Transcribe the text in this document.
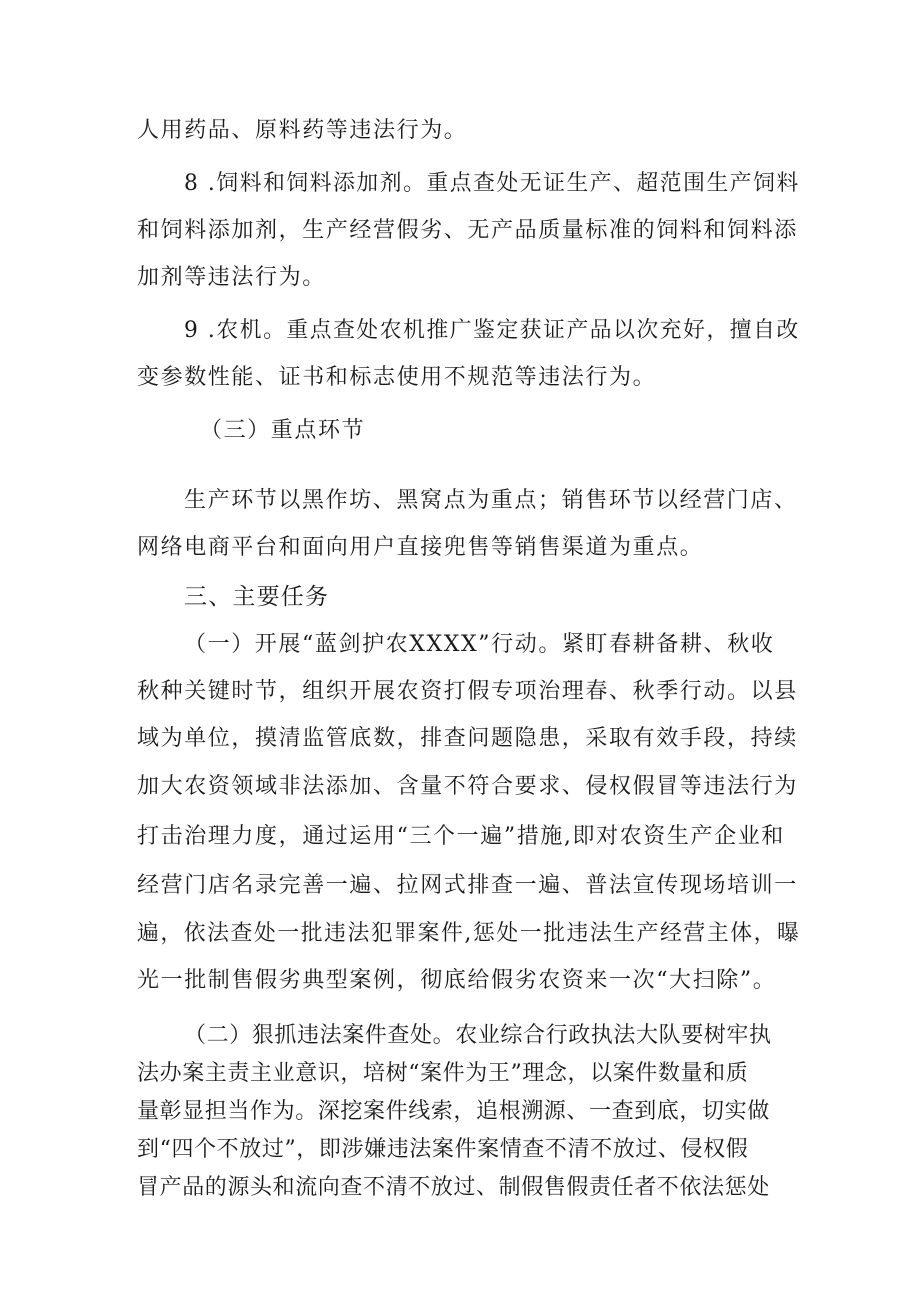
人用药品、原料药等违法行为。
8 .饲料和饲料添加剂。重点查处无证生产、超范围生产饲料
和饲料添加剂，生产经营假劣、无产品质量标准的饲料和饲料添
加剂等违法行为。
9 .农机。重点查处农机推广鉴定获证产品以次充好，擅自改
变参数性能、证书和标志使用不规范等违法行为。
（三）重点环节
生产环节以黑作坊、黑窝点为重点；销售环节以经营门店、
网络电商平台和面向用户直接兜售等销售渠道为重点。
三、主要任务
（一）开展“蓝剑护农XXXX”行动。紧盯春耕备耕、秋收
秋种关键时节，组织开展农资打假专项治理春、秋季行动。以县
域为单位，摸清监管底数，排查问题隐患，采取有效手段，持续
加大农资领域非法添加、含量不符合要求、侵权假冒等违法行为
打击治理力度，通过运用“三个一遍”措施,即对农资生产企业和
经营门店名录完善一遍、拉网式排查一遍、普法宣传现场培训一
遍，依法查处一批违法犯罪案件,惩处一批违法生产经营主体，曝
光一批制售假劣典型案例，彻底给假劣农资来一次“大扫除”。
（二）狠抓违法案件查处。农业综合行政执法大队要树牢执
法办案主责主业意识，培树“案件为王”理念，以案件数量和质
量彰显担当作为。深挖案件线索，追根溯源、一查到底，切实做
到“四个不放过”，即涉嫌违法案件案情查不清不放过、侵权假
冒产品的源头和流向查不清不放过、制假售假责任者不依法惩处
